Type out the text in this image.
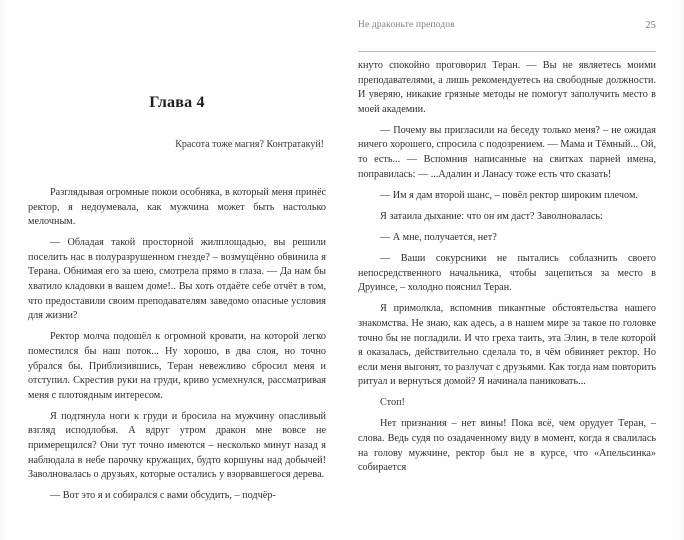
Глава 4
Красота тоже магия? Контратакуй!

Разглядывая огромные покои особняка, в который меня принёс ректор, я недоумевала, как мужчина может быть настолько мелочным.

— Обладая такой просторной жилплощадью, вы решили поселить нас в полуразрушенном гнезде? – возмущённо обвинила я Терана. Обнимая его за шею, смотрела прямо в глаза. — Да нам бы хватило кладовки в вашем доме!.. Вы хоть отдаёте себе отчёт в том, что предоставили своим преподавателям заведомо опасные условия для жизни?

Ректор молча подошёл к огромной кровати, на которой легко поместился бы наш поток... Ну хорошо, в два слоя, но точно убрался бы. Приблизившись, Теран невежливо сбросил меня и отступил. Скрестив руки на груди, криво усмехнулся, рассматривая меня с плотоядным интересом.

Я подтянула ноги к груди и бросила на мужчину опасливый взгляд исподлобья. А вдруг утром дракон мне вовсе не примерещился? Они тут точно имеются – несколько минут назад я наблюдала в небе парочку кружащих, будто коршуны над добычей! Заволновалась о друзьях, которые остались у взорвавшегося дерева.

— Вот это я и собирался с вами обсудить, – подчёр-

Не драконьте преподов	25

кнуто спокойно проговорил Теран. — Вы не являетесь моими преподавателями, а лишь рекомендуетесь на свободные должности. И уверяю, никакие грязные методы не помогут заполучить место в моей академии.

— Почему вы пригласили на беседу только меня? – не ожидая ничего хорошего, спросила с подозрением. — Мама и Тёмный... Ой, то есть... — Вспомнив написанные на свитках парней имена, поправилась: — ...Адалин и Ланасу тоже есть что сказать!

— Им я дам второй шанс, – повёл ректор широким плечом.

Я затаила дыхание: что он им даст? Заволновалась:

— А мне, получается, нет?

— Ваши сокурсники не пытались соблазнить своего непосредственного начальника, чтобы зацепиться за место в Друинсе, – холодно пояснил Теран.

Я примолкла, вспомнив пикантные обстоятельства нашего знакомства. Не знаю, как адесь, а в нашем мире за такое по головке точно бы не погладили. И что греха таить, эта Элин, в теле которой я оказалась, действительно сделала то, в чём обвиняет ректор. Но если меня выгонят, то разлучат с друзьями. Как тогда нам повторить ритуал и вернуться домой? Я начинала паниковать...

Стоп!

Нет признания – нет вины! Пока всё, чем орудует Теран, – слова. Ведь судя по озадаченному виду в момент, когда я свалилась на голову мужчине, ректор был не в курсе, что «Апельсинка» собирается
